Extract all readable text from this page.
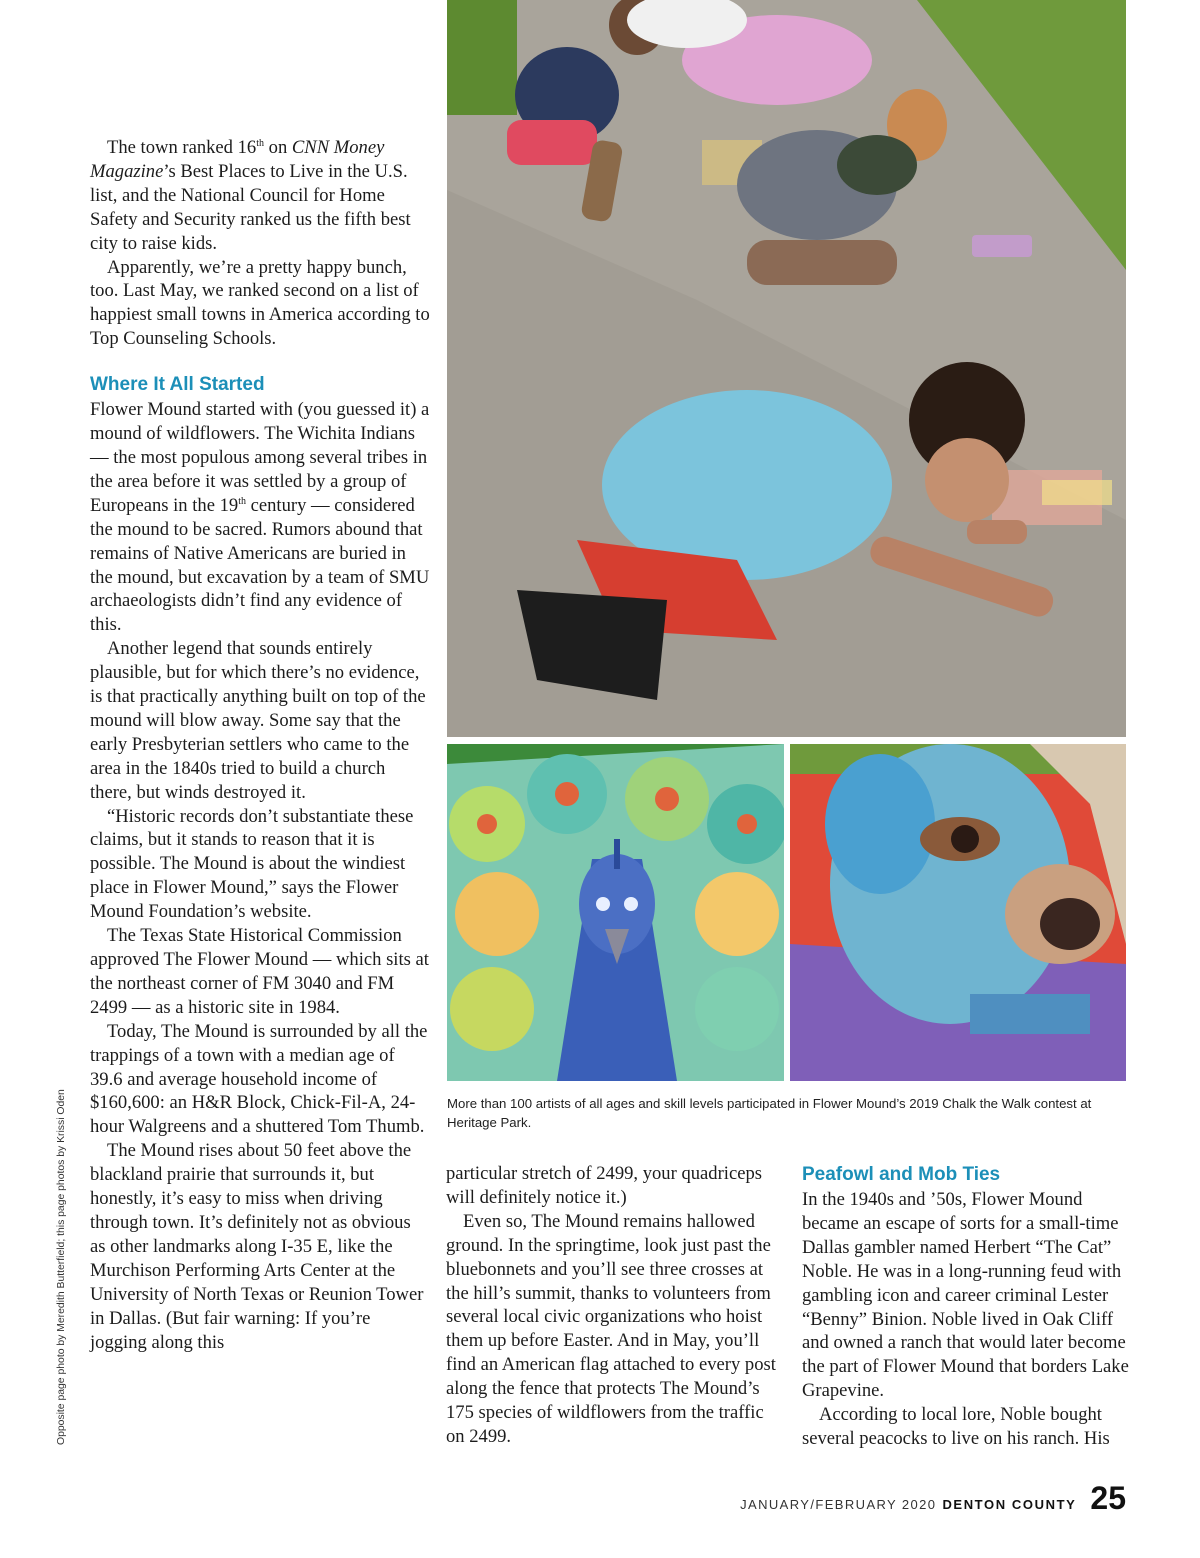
The town ranked 16th on CNN Money Magazine’s Best Places to Live in the U.S. list, and the National Council for Home Safety and Security ranked us the fifth best city to raise kids.

Apparently, we’re a pretty happy bunch, too. Last May, we ranked second on a list of happiest small towns in America according to Top Counseling Schools.

Where It All Started

Flower Mound started with (you guessed it) a mound of wildflowers. The Wichita Indians — the most populous among several tribes in the area before it was settled by a group of Europeans in the 19th century — considered the mound to be sacred. Rumors abound that remains of Native Americans are buried in the mound, but excavation by a team of SMU archaeologists didn’t find any evidence of this.

Another legend that sounds entirely plausible, but for which there’s no evidence, is that practically anything built on top of the mound will blow away. Some say that the early Presbyterian settlers who came to the area in the 1840s tried to build a church there, but winds destroyed it.

“Historic records don’t substantiate these claims, but it stands to reason that it is possible. The Mound is about the windiest place in Flower Mound,” says the Flower Mound Foundation’s website.

The Texas State Historical Commission approved The Flower Mound — which sits at the northeast corner of FM 3040 and FM 2499 — as a historic site in 1984.

Today, The Mound is surrounded by all the trappings of a town with a median age of 39.6 and average household income of $160,600: an H&R Block, Chick-Fil-A, 24-hour Walgreens and a shuttered Tom Thumb.

The Mound rises about 50 feet above the blackland prairie that surrounds it, but honestly, it’s easy to miss when driving through town. It’s definitely not as obvious as other landmarks along I-35 E, like the Murchison Performing Arts Center at the University of North Texas or Reunion Tower in Dallas. (But fair warning: If you’re jogging along this

More than 100 artists of all ages and skill levels participated in Flower Mound’s 2019 Chalk the Walk contest at Heritage Park.

particular stretch of 2499, your quadriceps will definitely notice it.)

Even so, The Mound remains hallowed ground. In the springtime, look just past the bluebonnets and you’ll see three crosses at the hill’s summit, thanks to volunteers from several local civic organizations who hoist them up before Easter. And in May, you’ll find an American flag attached to every post along the fence that protects The Mound’s 175 species of wildflowers from the traffic on 2499.

Peafowl and Mob Ties

In the 1940s and ’50s, Flower Mound became an escape of sorts for a small-time Dallas gambler named Herbert “The Cat” Noble. He was in a long-running feud with gambling icon and career criminal Lester “Benny” Binion. Noble lived in Oak Cliff and owned a ranch that would later become the part of Flower Mound that borders Lake Grapevine.

According to local lore, Noble bought several peacocks to live on his ranch. His

Opposite page photo by Meredith Butterfield; this page photos by Krissi Oden
JANUARY/FEBRUARY 2020 DENTON COUNTY 25
